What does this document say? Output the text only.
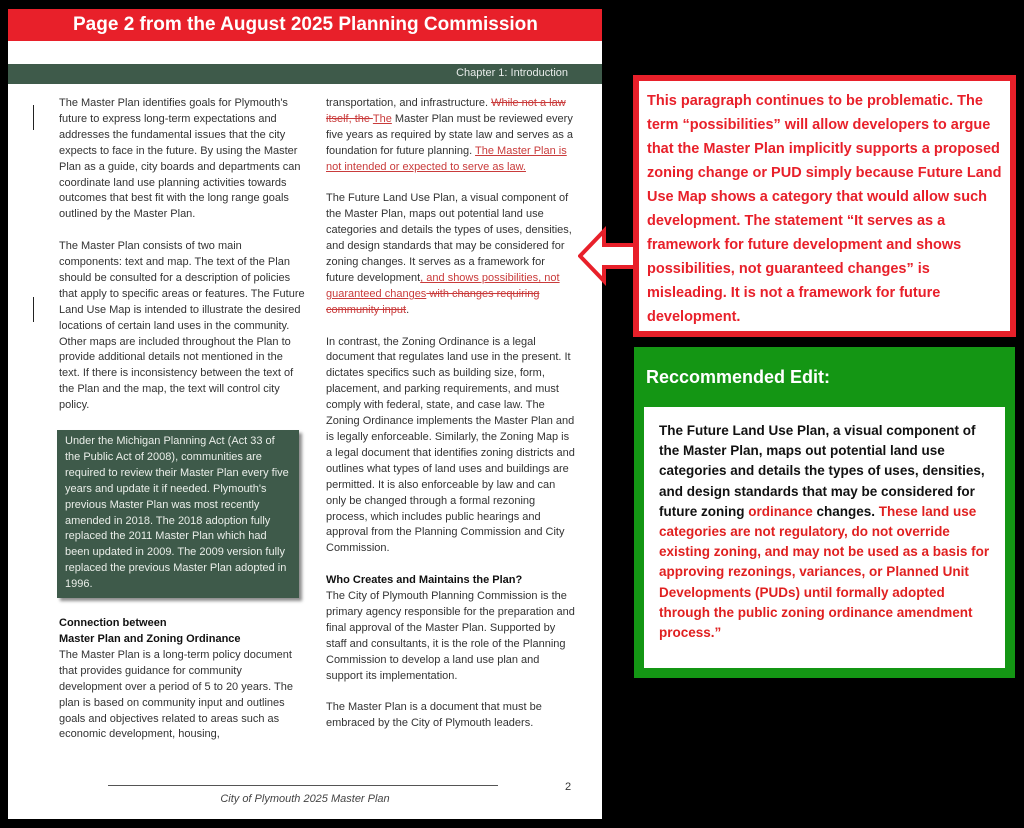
Page 2 from the August 2025 Planning Commission
Chapter 1: Introduction

The Master Plan identifies goals for Plymouth's future to express long-term expectations and addresses the fundamental issues that the city expects to face in the future. By using the Master Plan as a guide, city boards and departments can coordinate land use planning activities towards outcomes that best fit with the long range goals outlined by the Master Plan.

The Master Plan consists of two main components: text and map. The text of the Plan should be consulted for a description of policies that apply to specific areas or features. The Future Land Use Map is intended to illustrate the desired locations of certain land uses in the community. Other maps are included throughout the Plan to provide additional details not mentioned in the text. If there is inconsistency between the text of the Plan and the map, the text will control city policy.

Under the Michigan Planning Act (Act 33 of the Public Act of 2008), communities are required to review their Master Plan every five years and update it if needed. Plymouth's previous Master Plan was most recently amended in 2018. The 2018 adoption fully replaced the 2011 Master Plan which had been updated in 2009. The 2009 version fully replaced the previous Master Plan adopted in 1996.
Connection between
Master Plan and Zoning Ordinance

The Master Plan is a long-term policy document that provides guidance for community development over a period of 5 to 20 years. The plan is based on community input and outlines goals and objectives related to areas such as economic development, housing,

transportation, and infrastructure. While not a law itself, the The Master Plan must be reviewed every five years as required by state law and serves as a foundation for future planning. The Master Plan is not intended or expected to serve as law.

The Future Land Use Plan, a visual component of the Master Plan, maps out potential land use categories and details the types of uses, densities, and design standards that may be considered for zoning changes. It serves as a framework for future development, and shows possibilities, not guaranteed changes with changes requiring community input.

In contrast, the Zoning Ordinance is a legal document that regulates land use in the present. It dictates specifics such as building size, form, placement, and parking requirements, and must comply with federal, state, and case law. The Zoning Ordinance implements the Master Plan and is legally enforceable. Similarly, the Zoning Map is a legal document that identifies zoning districts and outlines what types of land uses and buildings are permitted. It is also enforceable by law and can only be changed through a formal rezoning process, which includes public hearings and approval from the Planning Commission and City Commission.

Who Creates and Maintains the Plan?

The City of Plymouth Planning Commission is the primary agency responsible for the preparation and final approval of the Master Plan. Supported by staff and consultants, it is the role of the Planning Commission to develop a land use plan and support its implementation.

The Master Plan is a document that must be embraced by the City of Plymouth leaders.

2
City of Plymouth 2025 Master Plan
This paragraph continues to be problematic. The term “possibilities” will allow developers to argue that the Master Plan implicitly supports a proposed zoning change or PUD simply because Future Land Use Map shows a category that would allow such development. The statement “It serves as a framework for future development and shows possibilities, not guaranteed changes” is misleading. It is not a framework for future development.
Reccommended Edit:
The Future Land Use Plan, a visual component of the Master Plan, maps out potential land use categories and details the types of uses, densities, and design standards that may be considered for future zoning ordinance changes. These land use categories are not regulatory, do not override existing zoning, and may not be used as a basis for approving rezonings, variances, or Planned Unit Developments (PUDs) until formally adopted through the public zoning ordinance amendment process.”
